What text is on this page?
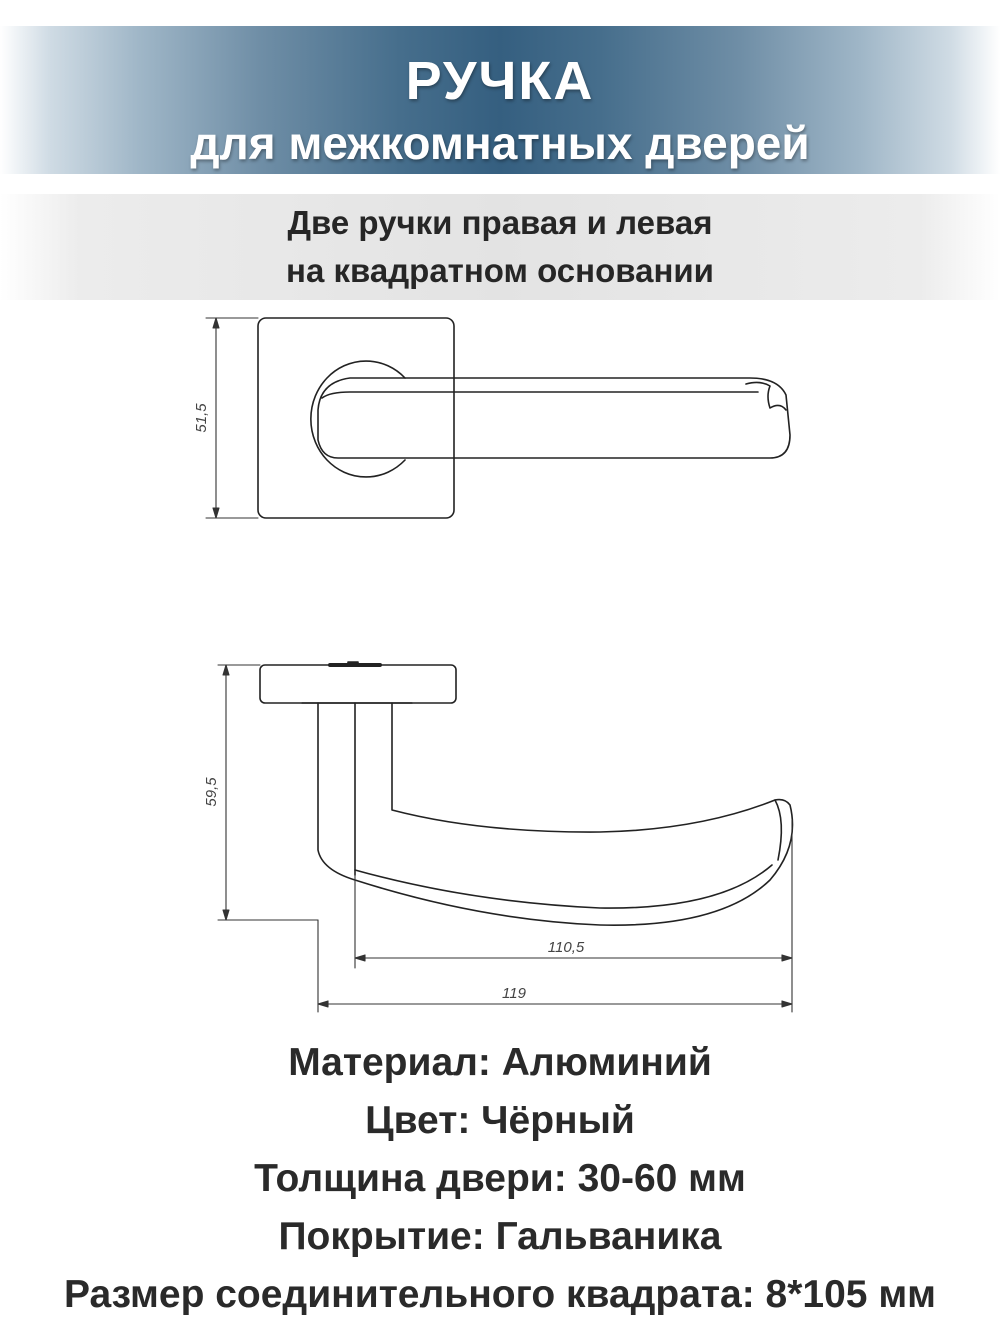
РУЧКА
для межкомнатных дверей
Две ручки правая и левая
на квадратном основании
51,5
59,5
110,5
119
Материал: Алюминий
Цвет: Чёрный
Толщина двери: 30-60 мм
Покрытие: Гальваника
Размер соединительного квадрата: 8*105 мм
